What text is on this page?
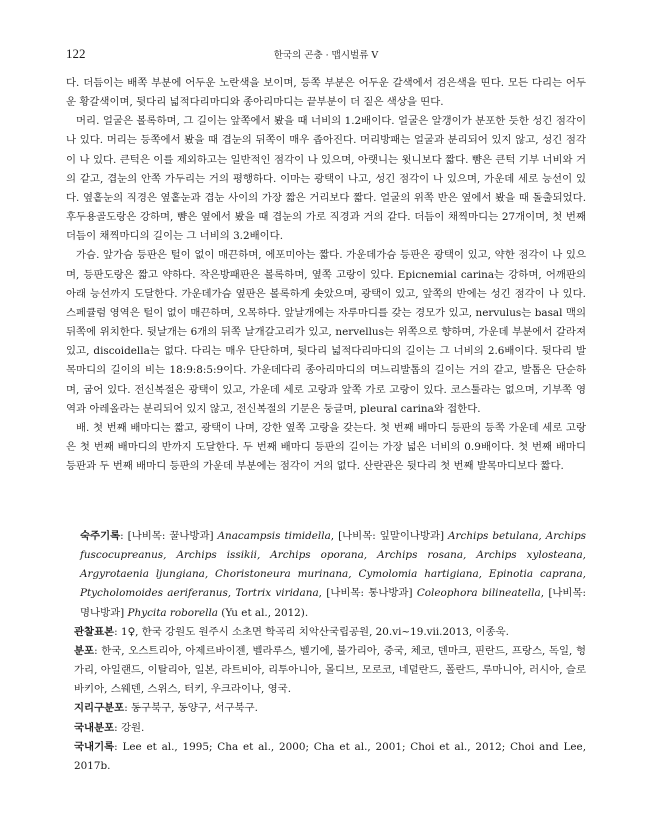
122	한국의 곤충 · 맵시벌류 V

다. 더듬이는 배쪽 부분에 어두운 노란색을 보이며, 등쪽 부분은 어두운 갈색에서 검은색을 띤다. 모든 다리는 어두운 황갈색이며, 뒷다리 넓적다리마디와 종아리마디는 끝부분이 더 짙은 색상을 띤다.

머리. 얼굴은 볼록하며, 그 길이는 앞쪽에서 봤을 때 너비의 1.2배이다. 얼굴은 알갱이가 분포한 듯한 성긴 점각이 나 있다. 머리는 등쪽에서 봤을 때 겹눈의 뒤쪽이 매우 좁아진다. 머리방패는 얼굴과 분리되어 있지 않고, 성긴 점각이 나 있다. 큰턱은 이를 제외하고는 일반적인 점각이 나 있으며, 아랫니는 윗니보다 짧다. 뺨은 큰턱 기부 너비와 거의 같고, 겹눈의 안쪽 가두리는 거의 평행하다. 이마는 광택이 나고, 성긴 점각이 나 있으며, 가운데 세로 능선이 있다. 옆홑눈의 직경은 옆홑눈과 겹눈 사이의 가장 짧은 거리보다 짧다. 얼굴의 위쪽 반은 옆에서 봤을 때 돌출되었다. 후두용골도랑은 강하며, 뺨은 옆에서 봤을 때 겹눈의 가로 직경과 거의 같다. 더듬이 채찍마디는 27개이며, 첫 번째 더듬이 채찍마디의 길이는 그 너비의 3.2배이다.

가슴. 앞가슴 등판은 털이 없이 매끈하며, 에포미아는 짧다. 가운데가슴 등판은 광택이 있고, 약한 점각이 나 있으며, 등판도랑은 짧고 약하다. 작은방패판은 볼록하며, 옆쪽 고랑이 있다. Epicnemial carina는 강하며, 어깨판의 아래 능선까지 도달한다. 가운데가슴 옆판은 볼록하게 솟았으며, 광택이 있고, 앞쪽의 반에는 성긴 점각이 나 있다. 스페큘럼 영역은 털이 없이 매끈하며, 오목하다. 앞날개에는 자루마디를 갖는 경모가 있고, nervulus는 basal 맥의 뒤쪽에 위치한다. 뒷날개는 6개의 뒤쪽 날개갈고리가 있고, nervellus는 위쪽으로 향하며, 가운데 부분에서 갈라져 있고, discoidella는 없다. 다리는 매우 단단하며, 뒷다리 넓적다리마디의 길이는 그 너비의 2.6배이다. 뒷다리 발목마디의 길이의 비는 18:9:8:5:9이다. 가운데다리 종아리마디의 며느리발톱의 길이는 거의 같고, 발톱은 단순하며, 굽어 있다. 전신복절은 광택이 있고, 가운데 세로 고랑과 앞쪽 가로 고랑이 있다. 코스툴라는 없으며, 기부쪽 영역과 아레올라는 분리되어 있지 않고, 전신복절의 기문은 둥글며, pleural carina와 접한다.

배. 첫 번째 배마디는 짧고, 광택이 나며, 강한 옆쪽 고랑을 갖는다. 첫 번째 배마디 등판의 등쪽 가운데 세로 고랑은 첫 번째 배마디의 반까지 도달한다. 두 번째 배마디 등판의 길이는 가장 넓은 너비의 0.9배이다. 첫 번째 배마디 등판과 두 번째 배마디 등판의 가운데 부분에는 점각이 거의 없다. 산란관은 뒷다리 첫 번째 발목마디보다 짧다.

숙주기록: [나비목: 꿀나방과] Anacampsis timidella, [나비목: 잎말이나방과] Archips betulana, Archips fuscocupreanus, Archips issikii, Archips oporana, Archips rosana, Archips xylosteana, Argyrotaenia ljungiana, Choristoneura murinana, Cymolomia hartigiana, Epinotia caprana, Ptycholomoides aeriferanus, Tortrix viridana, [나비목: 통나방과] Coleophora bilineatella, [나비목: 명나방과] Phycita roborella (Yu et al., 2012).

관찰표본: 1♀, 한국 강원도 원주시 소초면 학곡리 치악산국립공원, 20.vi~19.vii.2013, 이종욱.

분포: 한국, 오스트리아, 아제르바이젠, 벨라루스, 벨기에, 불가리아, 중국, 체코, 덴마크, 핀란드, 프랑스, 독일, 헝가리, 아일랜드, 이탈리아, 일본, 라트비아, 리투아니아, 몰디브, 모로코, 네덜란드, 폴란드, 루마니아, 러시아, 슬로바키아, 스웨덴, 스위스, 터키, 우크라이나, 영국.

지리구분포: 동구북구, 동양구, 서구북구.

국내분포: 강원.

국내기록: Lee et al., 1995; Cha et al., 2000; Cha et al., 2001; Choi et al., 2012; Choi and Lee, 2017b.
